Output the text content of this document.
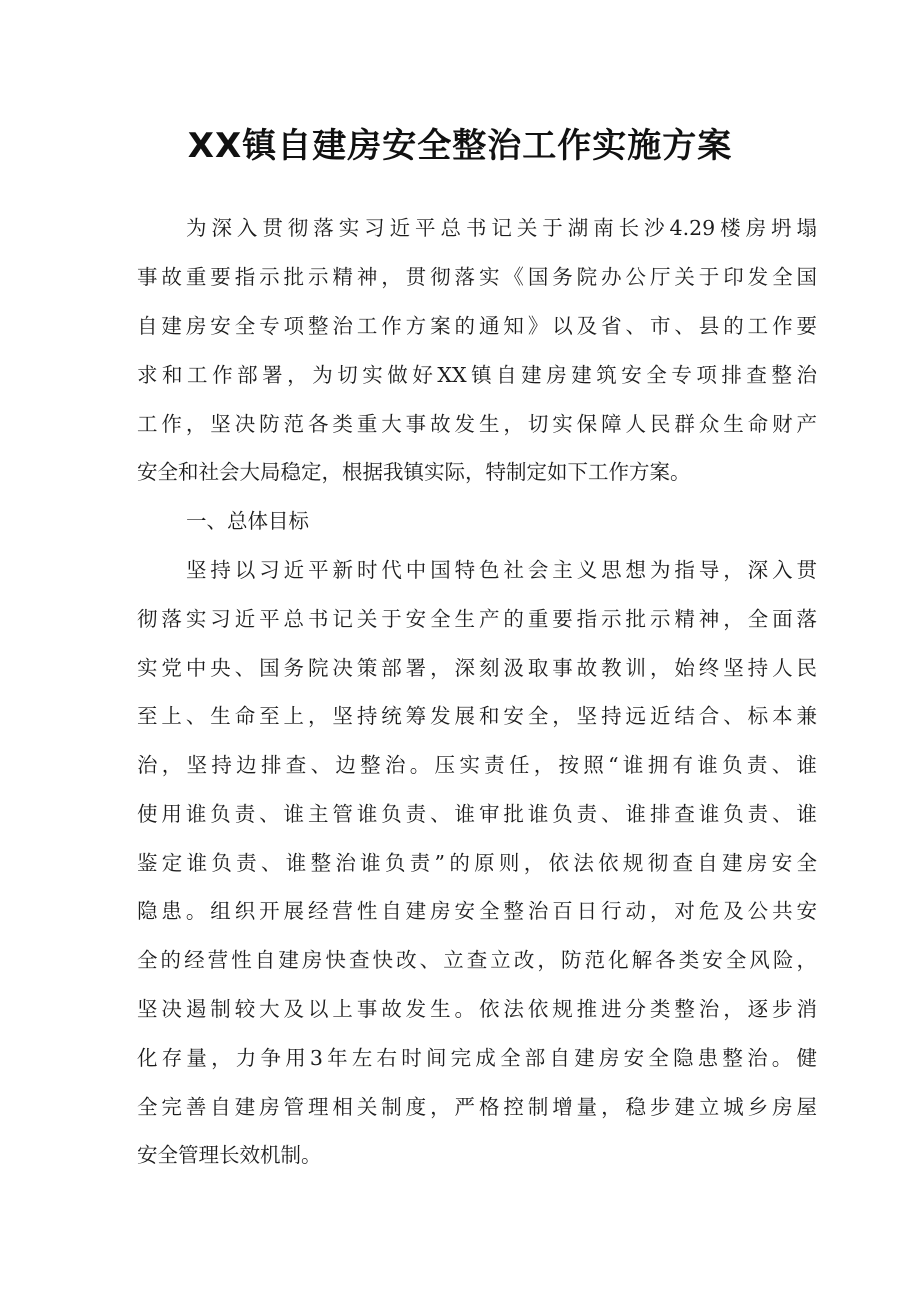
XX镇自建房安全整治工作实施方案
为深入贯彻落实习近平总书记关于湖南长沙4.29楼房坍塌
事故重要指示批示精神，贯彻落实《国务院办公厅关于印发全国
自建房安全专项整治工作方案的通知》以及省、市、县的工作要
求和工作部署，为切实做好XX镇自建房建筑安全专项排查整治
工作，坚决防范各类重大事故发生，切实保障人民群众生命财产
安全和社会大局稳定，根据我镇实际，特制定如下工作方案。
一、总体目标
坚持以习近平新时代中国特色社会主义思想为指导，深入贯
彻落实习近平总书记关于安全生产的重要指示批示精神，全面落
实党中央、国务院决策部署，深刻汲取事故教训，始终坚持人民
至上、生命至上，坚持统筹发展和安全，坚持远近结合、标本兼
治，坚持边排查、边整治。压实责任，按照“谁拥有谁负责、谁
使用谁负责、谁主管谁负责、谁审批谁负责、谁排查谁负责、谁
鉴定谁负责、谁整治谁负责”的原则，依法依规彻查自建房安全
隐患。组织开展经营性自建房安全整治百日行动，对危及公共安
全的经营性自建房快查快改、立查立改，防范化解各类安全风险，
坚决遏制较大及以上事故发生。依法依规推进分类整治，逐步消
化存量，力争用3年左右时间完成全部自建房安全隐患整治。健
全完善自建房管理相关制度，严格控制增量，稳步建立城乡房屋
安全管理长效机制。
